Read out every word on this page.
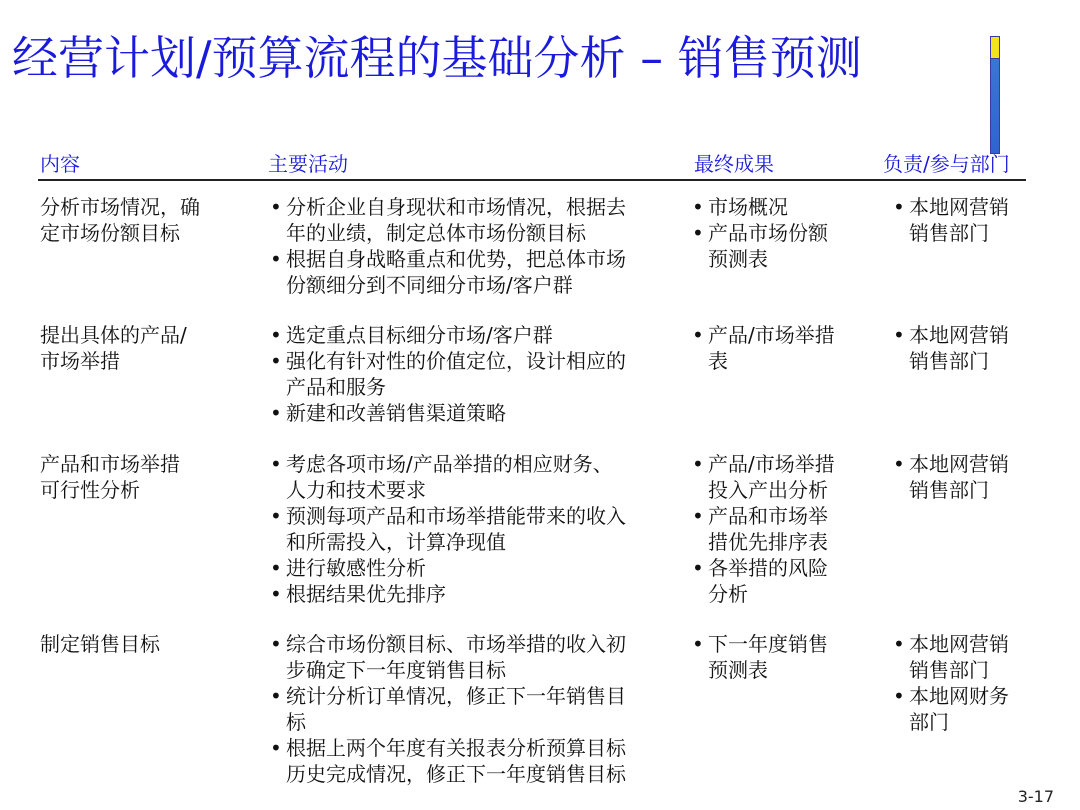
经营计划/预算流程的基础分析 – 销售预测
内容	主要活动	最终成果	负责/参与部门
分析市场情况，确
定市场份额目标
• 分析企业自身现状和市场情况，根据去
年的业绩，制定总体市场份额目标
• 根据自身战略重点和优势，把总体市场
份额细分到不同细分市场/客户群
• 市场概况
• 产品市场份额
预测表
• 本地网营销
销售部门
提出具体的产品/
市场举措
• 选定重点目标细分市场/客户群
• 强化有针对性的价值定位，设计相应的
产品和服务
• 新建和改善销售渠道策略
• 产品/市场举措
表
• 本地网营销
销售部门
产品和市场举措
可行性分析
• 考虑各项市场/产品举措的相应财务、
人力和技术要求
• 预测每项产品和市场举措能带来的收入
和所需投入，计算净现值
• 进行敏感性分析
• 根据结果优先排序
• 产品/市场举措
投入产出分析
• 产品和市场举
措优先排序表
• 各举措的风险
分析
• 本地网营销
销售部门
制定销售目标
•	综合市场份额目标、市场举措的收入初
步确定下一年度销售目标
• 统计分析订单情况，修正下一年销售目
标
• 根据上两个年度有关报表分析预算目标
历史完成情况，修正下一年度销售目标
• 下一年度销售
预测表
• 本地网营销
销售部门
• 本地网财务
部门
3-17
